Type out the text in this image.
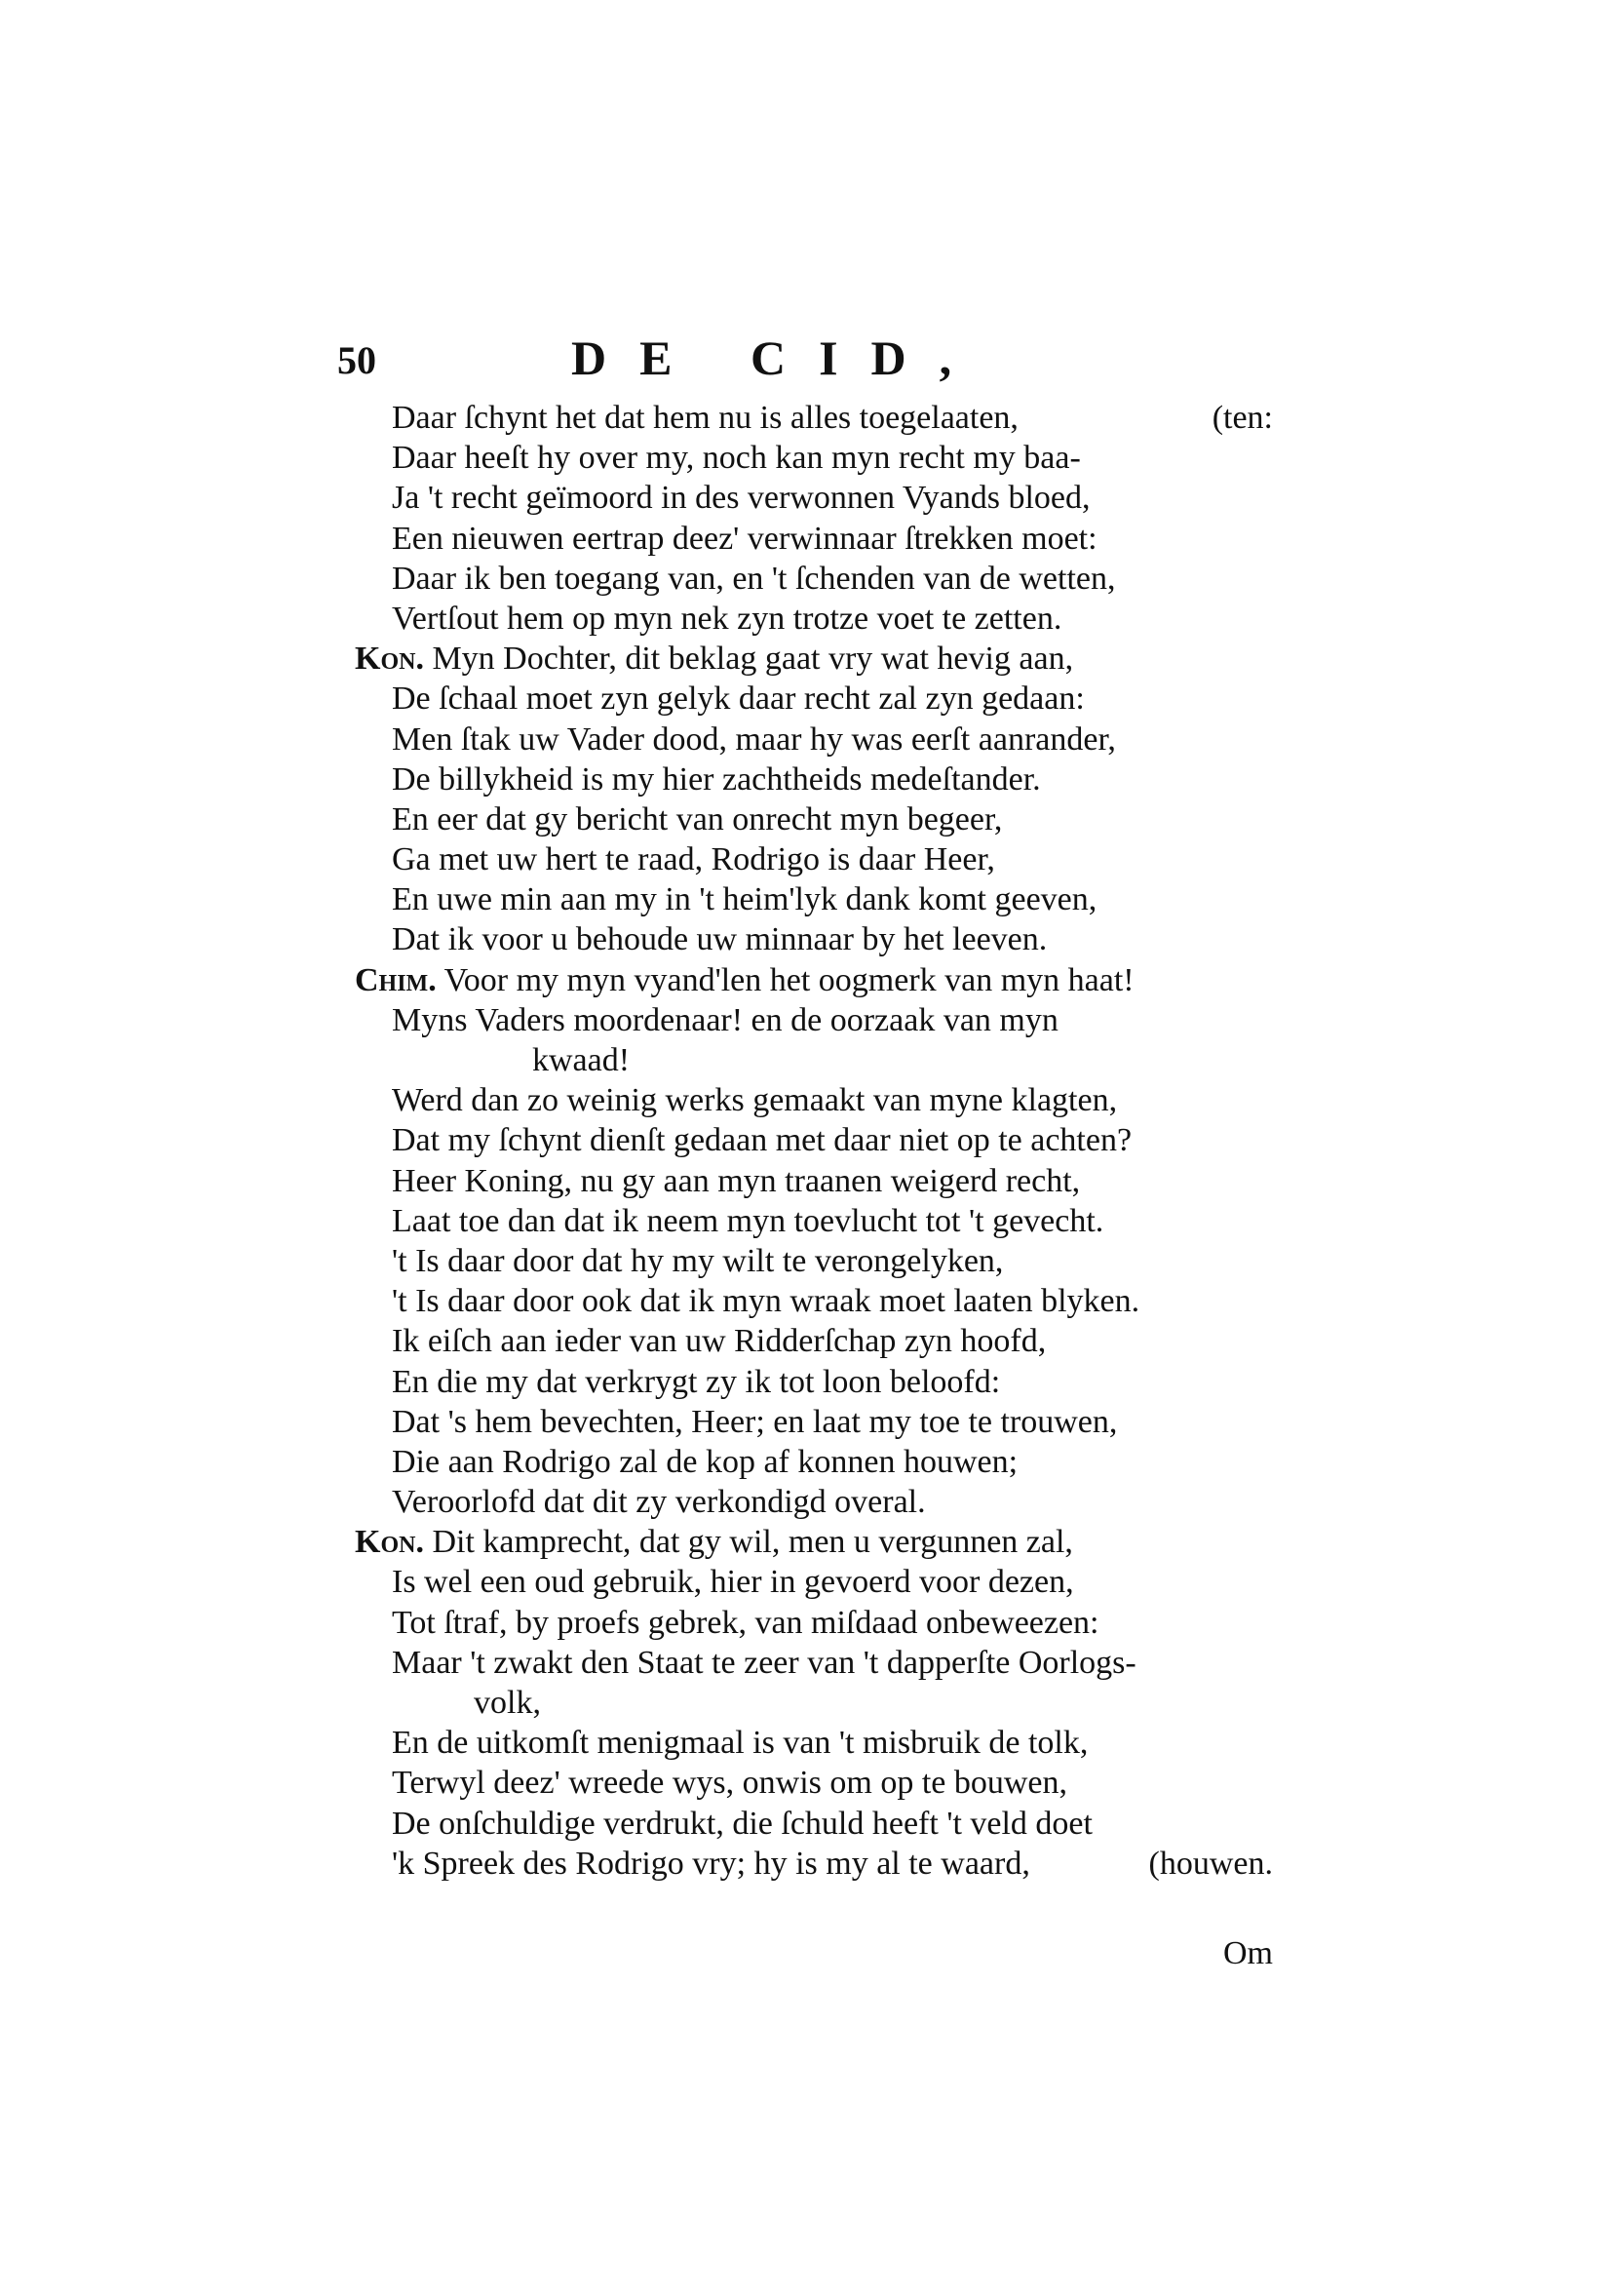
50	DE CID,
Daar ſchynt het dat hem nu is alles toegelaaten,	(ten:
Daar heeſt hy over my, noch kan myn recht my baa-
Ja 't recht geïmoord in des verwonnen Vyands bloed,
Een nieuwen eertrap deez' verwinnaar ſtrekken moet:
Daar ik ben toegang van, en 't ſchenden van de wetten,
Vertſout hem op myn nek zyn trotze voet te zetten.
Kon. Myn Dochter, dit beklag gaat vry wat hevig aan,
De ſchaal moet zyn gelyk daar recht zal zyn gedaan:
Men ſtak uw Vader dood, maar hy was eerſt aanrander,
De billykheid is my hier zachtheids medeſtander.
En eer dat gy bericht van onrecht myn begeer,
Ga met uw hert te raad, Rodrigo is daar Heer,
En uwe min aan my in 't heim'lyk dank komt geeven,
Dat ik voor u behoude uw minnaar by het leeven.
Chim. Voor my myn vyand'len het oogmerk van myn haat!
Myns Vaders moordenaar! en de oorzaak van myn
kwaad!
Werd dan zo weinig werks gemaakt van myne klagten,
Dat my ſchynt dienſt gedaan met daar niet op te achten?
Heer Koning, nu gy aan myn traanen weigerd recht,
Laat toe dan dat ik neem myn toevlucht tot 't gevecht.
't Is daar door dat hy my wilt te verongelyken,
't Is daar door ook dat ik myn wraak moet laaten blyken.
Ik eiſch aan ieder van uw Ridderſchap zyn hoofd,
En die my dat verkrygt zy ik tot loon beloofd:
Dat 's hem bevechten, Heer; en laat my toe te trouwen,
Die aan Rodrigo zal de kop af konnen houwen;
Veroorlofd dat dit zy verkondigd overal.
Kon. Dit kamprecht, dat gy wil, men u vergunnen zal,
Is wel een oud gebruik, hier in gevoerd voor dezen,
Tot ſtraf, by proefs gebrek, van miſdaad onbeweezen:
Maar 't zwakt den Staat te zeer van 't dapperſte Oorlogs-
volk,
En de uitkomſt menigmaal is van 't misbruik de tolk,
Terwyl deez' wreede wys, onwis om op te bouwen,
De onſchuldige verdrukt, die ſchuld heeft 't veld doet
'k Spreek des Rodrigo vry; hy is my al te waard,	(houwen.
Om
